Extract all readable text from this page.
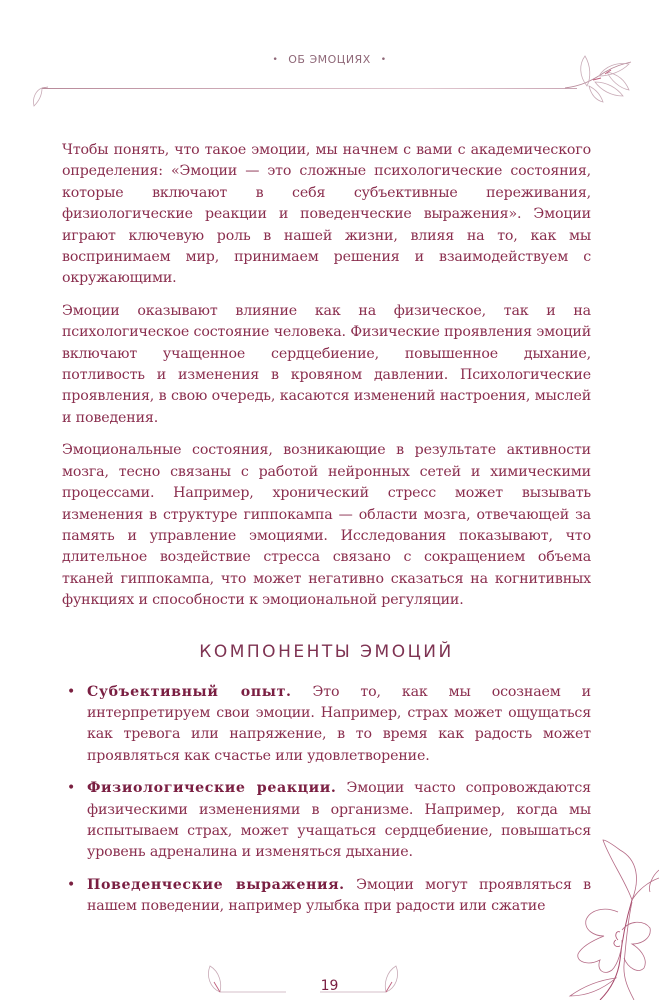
• ОБ ЭМОЦИЯХ •

Чтобы понять, что такое эмоции, мы начнем с вами с академического определения: «Эмоции — это сложные психологические состояния, которые включают в себя субъективные переживания, физиологические реакции и поведенческие выражения». Эмоции играют ключевую роль в нашей жизни, влияя на то, как мы воспринимаем мир, принимаем решения и взаимодействуем с окружающими.

Эмоции оказывают влияние как на физическое, так и на психологическое состояние человека. Физические проявления эмоций включают учащенное сердцебиение, повышенное дыхание, потливость и изменения в кровяном давлении. Психологические проявления, в свою очередь, касаются изменений настроения, мыслей и поведения.

Эмоциональные состояния, возникающие в результате активности мозга, тесно связаны с работой нейронных сетей и химическими процессами. Например, хронический стресс может вызывать изменения в структуре гиппокампа — области мозга, отвечающей за память и управление эмоциями. Исследования показывают, что длительное воздействие стресса связано с сокращением объема тканей гиппокампа, что может негативно сказаться на когнитивных функциях и способности к эмоциональной регуляции.

КОМПОНЕНТЫ ЭМОЦИЙ
• Субъективный опыт. Это то, как мы осознаем и интерпретируем свои эмоции. Например, страх может ощущаться как тревога или напряжение, в то время как радость может проявляться как счастье или удовлетворение.
• Физиологические реакции. Эмоции часто сопровождаются физическими изменениями в организме. Например, когда мы испытываем страх, может учащаться сердцебиение, повышаться уровень адреналина и изменяться дыхание.
• Поведенческие выражения. Эмоции могут проявляться в нашем поведении, например улыбка при радости или сжатие
19
